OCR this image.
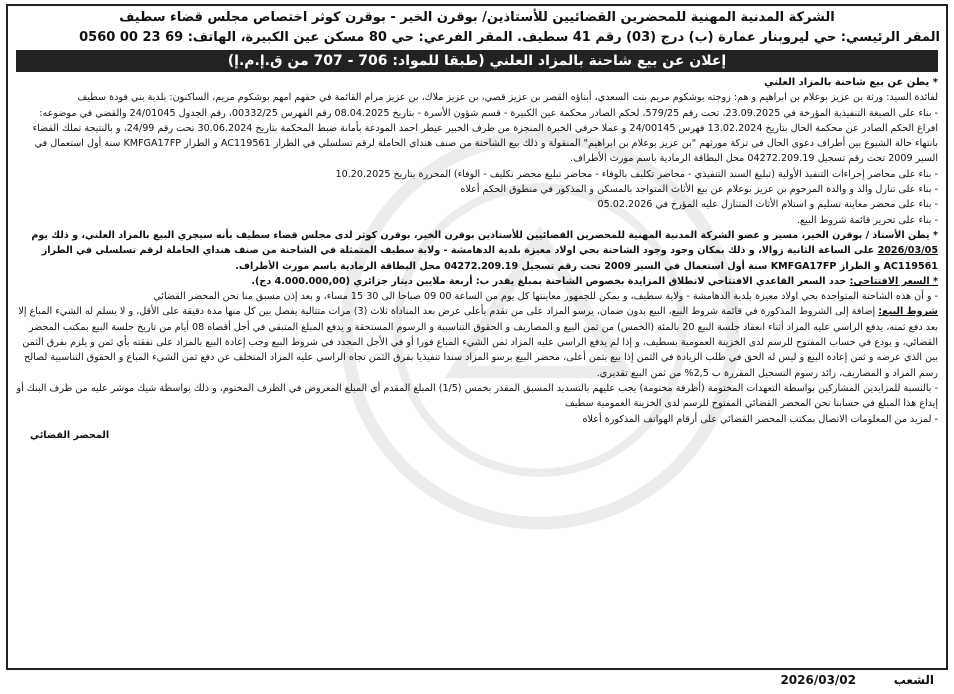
الشركة المدنية المهنية للمحضرين القضائيين للأستاذين/ بوقرن الخير - بوقرن كوثر اختصاص مجلس قضاء سطيف
المقر الرئيسي: حي ليروبنار عمارة (ب) درج (03) رقم 41 سطيف. المقر الفرعي: حي 80 مسكن عين الكبيرة، الهاتف: 69 23 00 0560
إعلان عن بيع شاحنة بالمزاد العلني (طبقا للمواد: 706 - 707 من ق.إ.م.إ)

* يطن عن بيع شاحنة بالمزاد العلني

لفائدة السيد: ورثة بن عزيز بوعلام بن ابراهيم و هم: زوجته بوشكوم مريم بنت السعدي، أبناؤه القصر بن عزيز قصي، بن عزيز ملاك، بن عزيز مرام القائمة في حقهم امهم بوشكوم مريم، الساكنون: بلدية بني فودة سطيف

- بناء على الصيغة التنفيذية المؤرخة في 23.09.2025، تحت رقم 579/25، لحكم الصادر محكمة عين الكبيرة - قسم شؤون الأسرة - بتاريخ 08.04.2025 رقم الفهرس 00332/25، رقم الجدول 24/01045 والقضي في موضوعه: افراغ الحكم الصادر عن محكمة الحال بتاريخ 13.02.2024 فهرس 24/00145 و عملا حرفي الخبرة المنجزة من طرف الخبير عيطر احمد المودعة بأمانة ضبط المحكمة بتاريخ 30.06.2024 تحت رقم 24/99، و بالنتيجة تملك القضاء بانتهاء حالة الشيوع بين أطراف دعوى الحال في تركة مورثهم "بن عزيز بوعلام بن ابراهيم" المنقولة و ذلك بيع الشاحنة من صنف هنداي الحاملة لرقم تسلسلي في الطراز AC119561 و الطراز KMFGA17FP سنة أول استعمال في السير 2009 تحت رقم تسجيل 04272.209.19 محل البطاقة الرمادية باسم مورث الأطراف.

- بناء على محاضر إجراءات التنفيذ الأولية (تبليغ السند التنفيذي - محاضر تكليف بالوفاء - محاضر تبليغ محضر تكليف - الوفاء) المحررة بتاريخ 10.20.2025

- بناء على تنازل والد و والدة المرحوم بن عزيز بوعلام عن بيع الأثاث المتواجد بالمسكن و المذكور في منطوق الحكم أعلاه

- بناء على محضر معاينة تسليم و استلام الأثاث المتنازل عليه المؤرخ في 05.02.2026

- بناء على تحرير قائمة شروط البيع.

* يطن الأستاذ / بوقرن الخير، مسير و عضو الشركة المدنية المهنية للمحضرين القضائيين للأستاذين بوقرن الخير، بوقرن كوثر لدى مجلس قضاء سطيف بأنه سيجري البيع بالمزاد العلني، و ذلك يوم 2026/03/05 على الساعة الثانية زوالا، و ذلك بمكان وجود وجود الشاحنة بحي اولاد معيزة بلدية الدهامشة - ولاية سطيف المتمثلة في الشاحنة من صنف هنداي الحاملة لرقم تسلسلي في الطراز AC119561 و الطراز KMFGA17FP سنة أول استعمال في السير 2009 تحت رقم تسجيل 04272.209.19 محل البطاقة الرمادية باسم مورث الأطراف.

* السعر الافتتاحي: حدد السعر القاعدي الافتتاحي لانطلاق المزايدة بخصوص الشاحنة بمبلغ يقدر ب: أربعة ملايين دينار جزائري (4.000.000,00 دج).

- و أن هذه الشاحنة المتواجدة بحي اولاد معيزة بلدية الدهامشة - ولاية سطيف، و يمكن للجمهور معاينتها كل يوم من الساعة 00 09 صباحا الى 30 15 مساء، و بعد إذن مسبق منا نحن المحضر القضائي

شروط البيع: إضافة إلى الشروط المذكورة في قائمة شروط البيع، البيع بدون ضمان، يرسو المزاد على من تقدم بأعلى عرض بعد المناداة ثلاث (3) مرات متتالية يفصل بين كل منها مدة دقيقة على الأقل، و لا يسلم له الشيء المباع إلا بعد دفع ثمنه، يدفع الراسي عليه المزاد أثناء انعقاد جلسة البيع 20 بالمئة (الخمس) من ثمن البيع و المصاريف و الحقوق التناسبية و الرسوم المستحقة و يدفع المبلغ المتبقي في أجل أقصاه 08 أيام من تاريخ جلسة البيع بمكتب المحضر القضائي، و يودع في حساب المفتوح للرسم لدى الخزينة العمومية بسطيف، و إذا لم يدفع الراسي عليه المزاد ثمن الشيء المباع فورا أو في الأجل المحدد في شروط البيع وجب إعادة البيع بالمزاد على نفقته بأي ثمن و يلزم بفرق الثمن بين الذي عرضه و ثمن إعادة البيع و ليس له الحق في طلب الزيادة في الثمن إذا بيع بثمن أعلى، محضر البيع برسو المزاد سندا تنفيذيا بفرق الثمن تجاه الراسي عليه المزاد المتخلف عن دفع ثمن الشيء المباع و الحقوق التناسبية لصالح رسم المزاد و المصاريف، زائد رسوم التسجيل المقررة ب 2,5% من ثمن البيع تقديري.

- بالنسبة للمزايدين المشاركين بواسطة التعهدات المختومة (أظرفة مختومة) يجب عليهم بالتسديد المسبق المقدر بخمس (1/5) المبلغ المقدم أي المبلغ المعروض في الظرف المختوم، و ذلك بواسطة شيك موشر عليه من طرف البنك أو إيداع هذا المبلغ في حسابنا نحن المحضر القضائي المفتوح للرسم لدى الخزينة العمومية سطيف

- لمزيد من المعلومات الاتصال بمكتب المحضر القضائي على أرقام الهواتف المذكورة أعلاه

المحضر القضائي
الشعب
2026/03/02
